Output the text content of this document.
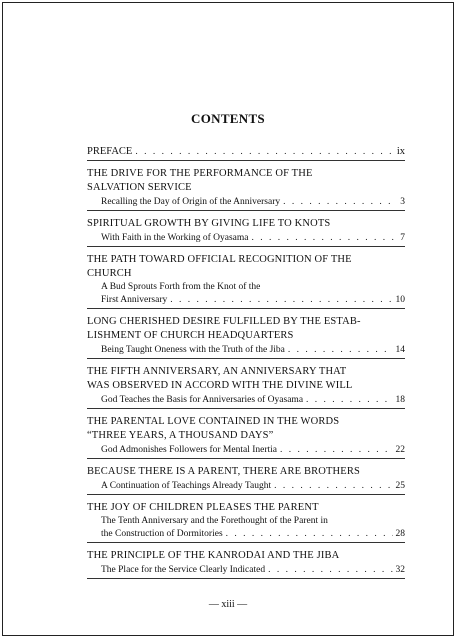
CONTENTS
PREFACE . . .	ix
THE DRIVE FOR THE PERFORMANCE OF THE
SALVATION SERVICE
Recalling the Day of Origin of the Anniversary . . .	3
SPIRITUAL GROWTH BY GIVING LIFE TO KNOTS
With Faith in the Working of Oyasama . . .	7
THE PATH TOWARD OFFICIAL RECOGNITION OF THE
CHURCH
A Bud Sprouts Forth from the Knot of the
First Anniversary . . .	10
LONG CHERISHED DESIRE FULFILLED BY THE ESTAB-
LISHMENT OF CHURCH HEADQUARTERS
Being Taught Oneness with the Truth of the Jiba . . .	14
THE FIFTH ANNIVERSARY, AN ANNIVERSARY THAT
WAS OBSERVED IN ACCORD WITH THE DIVINE WILL
God Teaches the Basis for Anniversaries of Oyasama . . .	18
THE PARENTAL LOVE CONTAINED IN THE WORDS
“THREE YEARS, A THOUSAND DAYS”
God Admonishes Followers for Mental Inertia . . .	22
BECAUSE THERE IS A PARENT, THERE ARE BROTHERS
A Continuation of Teachings Already Taught . . .	25
THE JOY OF CHILDREN PLEASES THE PARENT
The Tenth Anniversary and the Forethought of the Parent in
the Construction of Dormitories . . .	28
THE PRINCIPLE OF THE KANRODAI AND THE JIBA
The Place for the Service Clearly Indicated . . .	32
— xiii —
